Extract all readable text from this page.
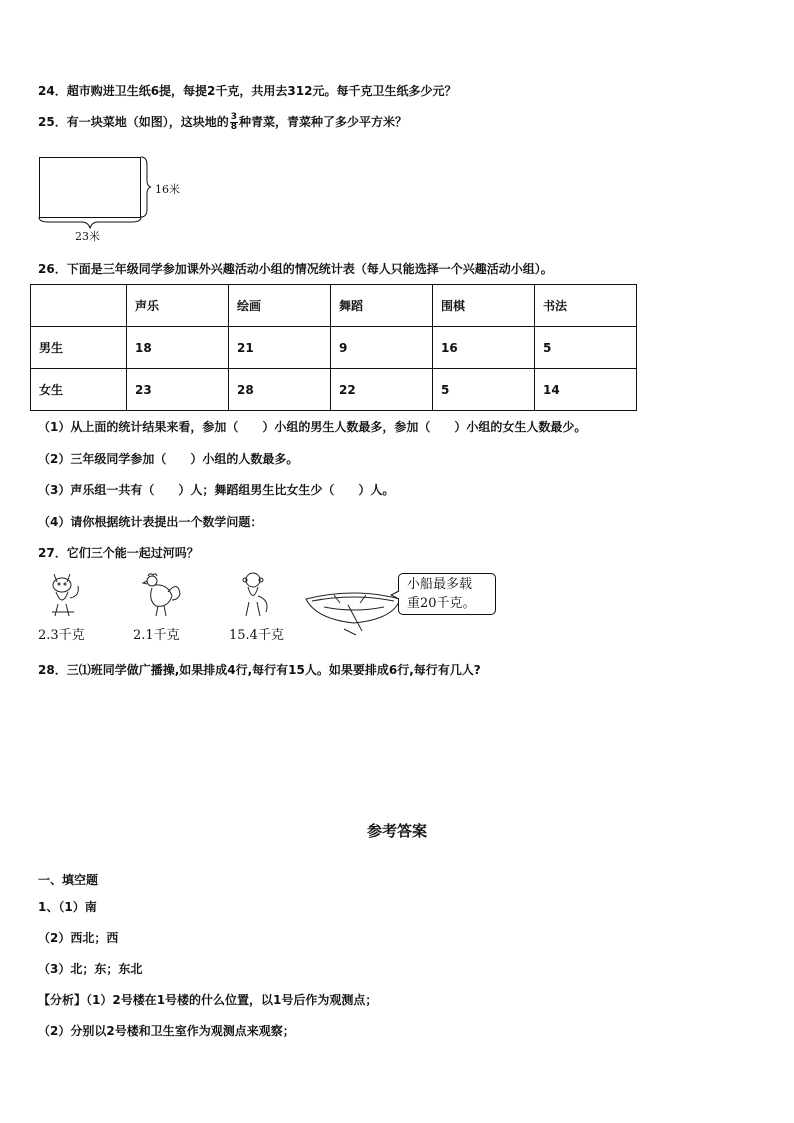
24．超市购进卫生纸6提，每提2千克，共用去312元。每千克卫生纸多少元？
25．有一块菜地（如图），这块地的 $\frac{3}{8}$ 种青菜，青菜种了多少平方米？
16米
23米
26．下面是三年级同学参加课外兴趣活动小组的情况统计表（每人只能选择一个兴趣活动小组）。
	声乐	绘画	舞蹈	围棋	书法
男生	18	21	9	16	5
女生	23	28	22	5	14
（1）从上面的统计结果来看，参加（　　）小组的男生人数最多，参加（　　）小组的女生人数最少。
（2）三年级同学参加（　　）小组的人数最多。
（3）声乐组一共有（　　）人；舞蹈组男生比女生少（　　）人。
（4）请你根据统计表提出一个数学问题：
27．它们三个能一起过河吗？
小船最多载
重20千克。
2.3千克	2.1千克	15.4千克
28．三⑴班同学做广播操,如果排成4行,每行有15人。如果要排成6行,每行有几人?
参考答案
一、填空题
1、（1）南
（2）西北；西
（3）北；东；东北
【分析】（1）2号楼在1号楼的什么位置，以1号后作为观测点；
（2）分别以2号楼和卫生室作为观测点来观察；
